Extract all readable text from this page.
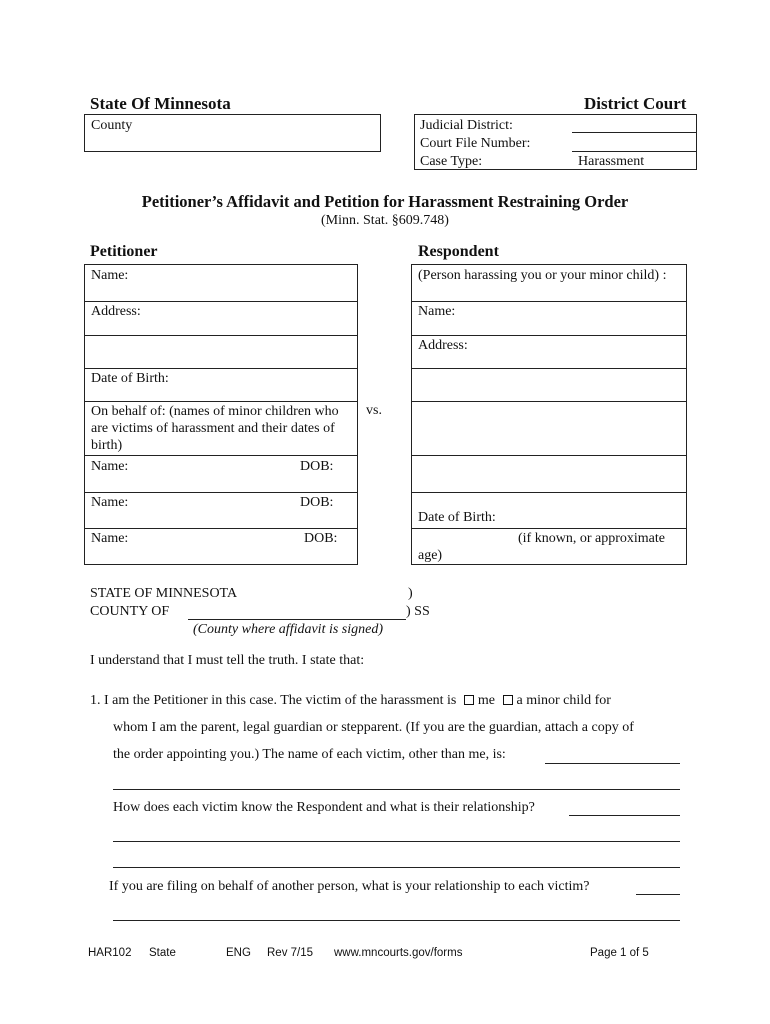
State Of Minnesota	District Court
County	Judicial District:
Court File Number:
Case Type:	Harassment
Petitioner’s Affidavit and Petition for Harassment Restraining Order
(Minn. Stat. §609.748)
Petitioner
Name:
Address:
Date of Birth:
On behalf of: (names of minor children who are victims of harassment and their dates of birth)
Name:	DOB:
Name:	DOB:
Name:	DOB:
vs.
Respondent
(Person harassing you or your minor child) :
Name:
Address:
Date of Birth:
(if known, or approximate age)
STATE OF MINNESOTA	)
COUNTY OF	) SS
(County where affidavit is signed)
I understand that I must tell the truth. I state that:
1. I am the Petitioner in this case. The victim of the harassment is me a minor child for
whom I am the parent, legal guardian or stepparent. (If you are the guardian, attach a copy of
the order appointing you.) The name of each victim, other than me, is:
How does each victim know the Respondent and what is their relationship?
If you are filing on behalf of another person, what is your relationship to each victim?
HAR102 State	ENG Rev 7/15 www.mncourts.gov/forms	Page 1 of 5
